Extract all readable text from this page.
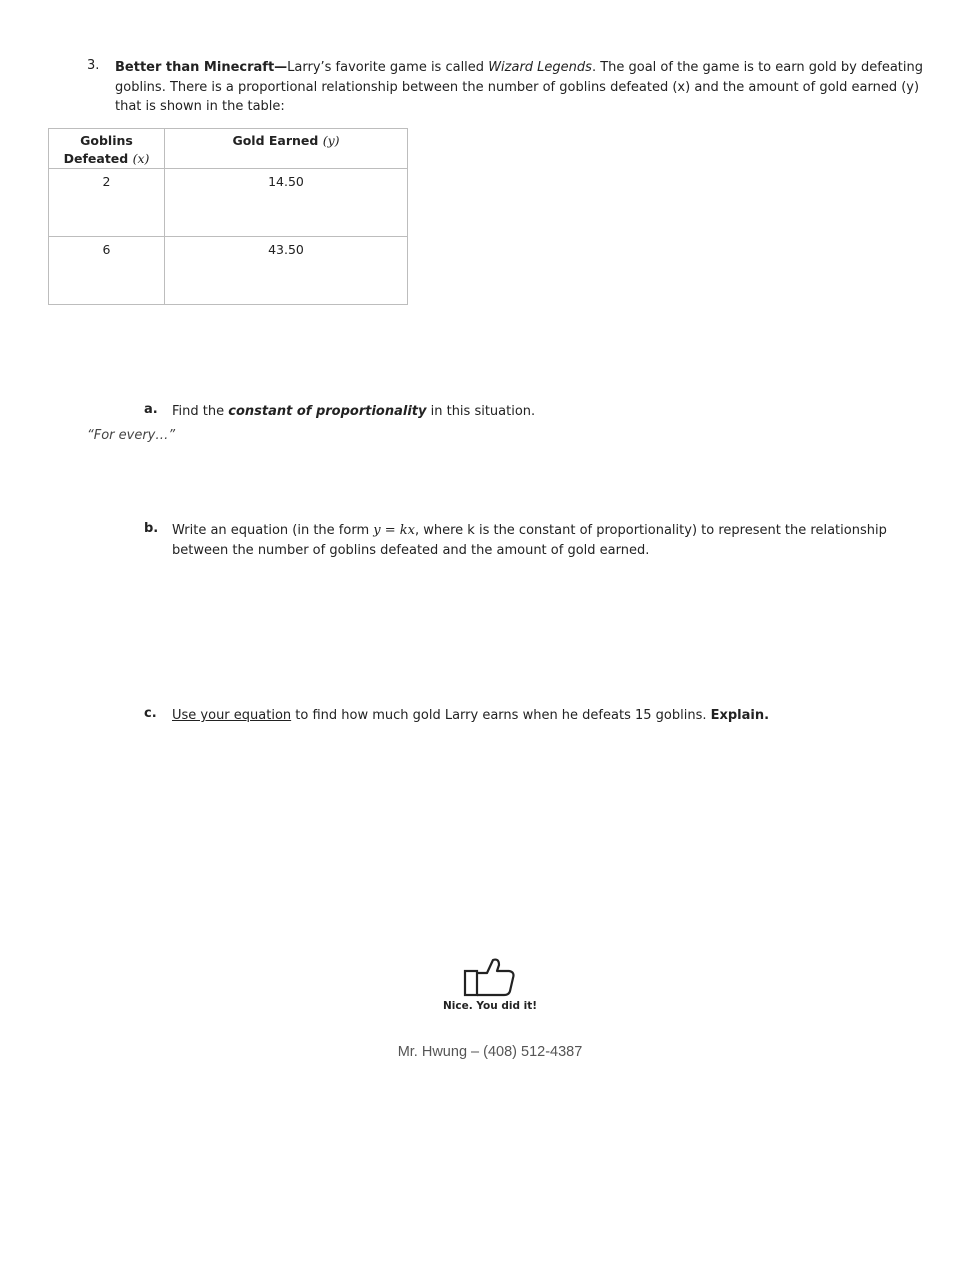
3. Better than Minecraft—Larry’s favorite game is called Wizard Legends. The goal of the game is to earn gold by defeating goblins. There is a proportional relationship between the number of goblins defeated (x) and the amount of gold earned (y) that is shown in the table:
Goblins
Defeated (x)	Gold Earned (y)
2	14.50
6	43.50
a. Find the constant of proportionality in this situation.
“For every…”
b. Write an equation (in the form y = kx, where k is the constant of proportionality) to represent the relationship between the number of goblins defeated and the amount of gold earned.
c. Use your equation to find how much gold Larry earns when he defeats 15 goblins. Explain.
Nice. You did it!
Mr. Hwung – (408) 512-4387
